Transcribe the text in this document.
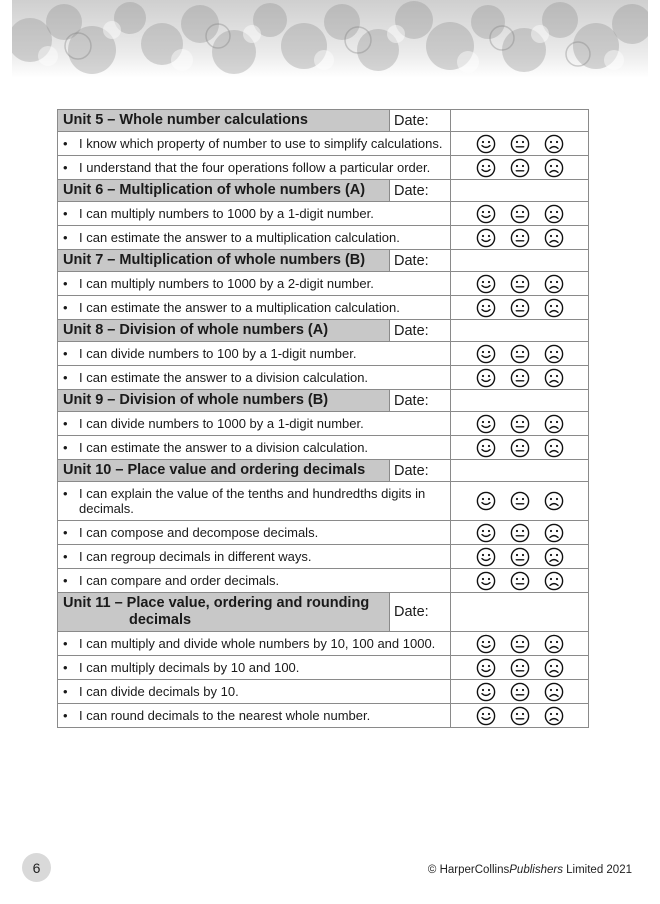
Unit 5 – Whole number calculations	Date:	

• I know which property of number to use to simplify calculations.

• I understand that the four operations follow a particular order.

Unit 6 – Multiplication of whole numbers (A)	Date:	

• I can multiply numbers to 1000 by a 1-digit number.

• I can estimate the answer to a multiplication calculation.

Unit 7 – Multiplication of whole numbers (B)	Date:	

• I can multiply numbers to 1000 by a 2-digit number.

• I can estimate the answer to a multiplication calculation.

Unit 8 – Division of whole numbers (A)	Date:	

• I can divide numbers to 100 by a 1-digit number.

• I can estimate the answer to a division calculation.

Unit 9 – Division of whole numbers (B)	Date:	

• I can divide numbers to 1000 by a 1-digit number.

• I can estimate the answer to a division calculation.

Unit 10 – Place value and ordering decimals	Date:	

• I can explain the value of the tenths and hundredths digits in decimals.

• I can compose and decompose decimals.

• I can regroup decimals in different ways.

• I can compare and order decimals.

Unit 11 – Place value, ordering and rounding
decimals	Date:	

• I can multiply and divide whole numbers by 10, 100 and 1000.

• I can multiply decimals by 10 and 100.

• I can divide decimals by 10.

• I can round decimals to the nearest whole number.

6	© HarperCollinsPublishers Limited 2021
